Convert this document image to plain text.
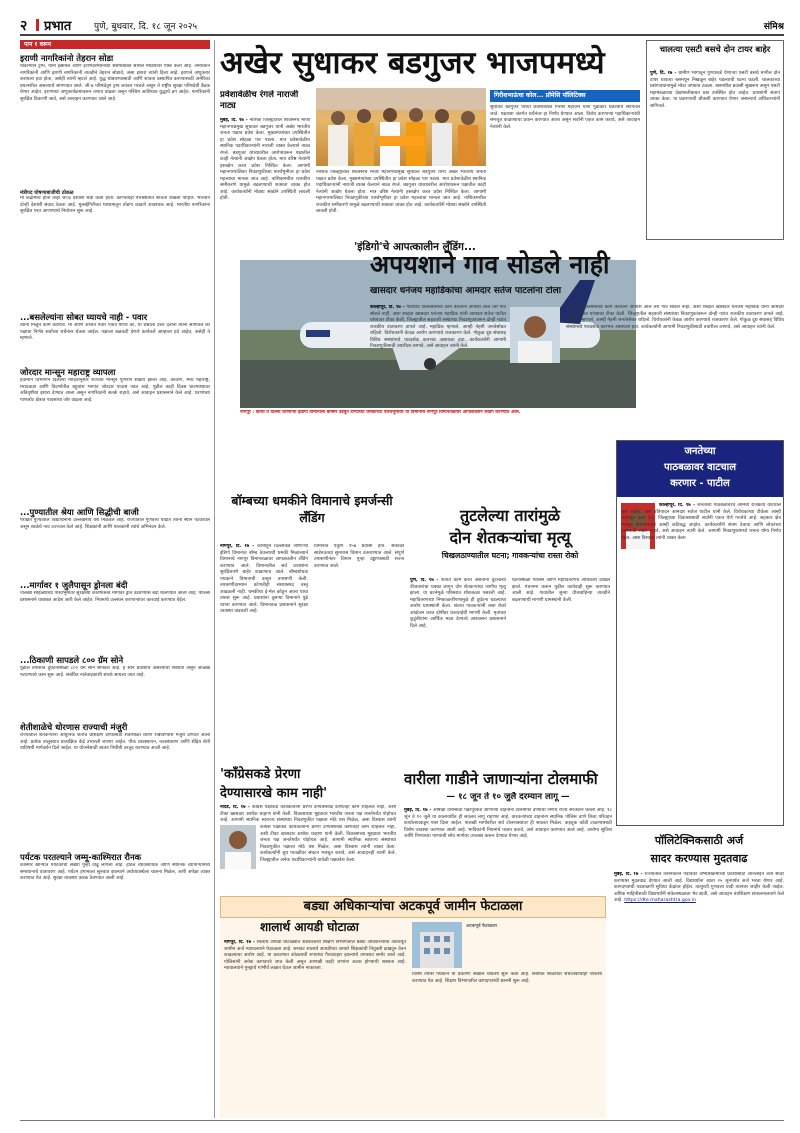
२ प्रभात	पुणे, बुधवार, दि. १८ जून २०२५	संमिश्र
पान १ वरून
इराणी नागरिकांनो तेहरान सोडा
यादरम्यान ट्रम्प, यांनी इस्रायल आणि इराणदरम्यानच्या संघर्षाबाबत सोशल मीडियावर पोस्ट केली आहे. अमेरिकन नागरिकांनी आणि इराणी नागरिकांनी तातडीने तेहरान सोडावे, असा इशारा त्यांनी दिला आहे. इराणने अणुकरार करायला हवा होता, असेही त्यांनी म्हटले आहे. युद्ध थांबवण्यासाठी आणि शांतता प्रस्थापित करण्यासाठी अमेरिका प्रयत्नशील असल्याचे सांगण्यात आले. जी-७ परिषदेतून ट्रम्प लवकर परतले असून ते राष्ट्रीय सुरक्षा परिषदेची बैठक घेणार आहेत. इराणच्या अणुकार्यक्रमावरून तणाव वाढला असून पश्चिम आशियात युद्धाचे ढग आहेत. नागरिकांनी सुरक्षित ठिकाणी जावे, असे आवाहन करण्यात आले आहे.
मंत्रीपद घोषणाबाजीची ठोकळ
मी केंद्रामध्ये होतो तेव्हा जी-७ देशांशी चर्चा केली होती. कोणत्याही परिस्थितीत शांतता राखली पाहिजे. भारताने दोन्ही देशांशी संवाद ठेवला आहे. मुत्सद्देगिरीच्या माध्यमातून तोडगा काढणे आवश्यक आहे. भारतीय नागरिकांना सुरक्षित परत आणण्याचे नियोजन सुरू आहे.
...बसलेल्यांना सोबत घ्यायचे नाही - पवार
त्यांनी मिळून काम करायचे. मी आणि अजित पवार एकत्र येणार का, या प्रश्नाला उत्तर देताना त्यांनी सांगितले की पक्षाचा निर्णय सर्वांच्या चर्चेनंतर घेतला जाईल. पक्षाला बळकटी देणारे कार्यकर्ते आम्हाला हवे आहेत, असेही ते म्हणाले.
जोरदार मान्सून महाराष्ट्र व्यापला
हवामान विभागाने दिलेल्या माहितीनुसार राज्यात मान्सून पूर्णपणे सक्रिय झाला आहे. कोकण, मध्य महाराष्ट्र, मराठवाडा आणि विदर्भातील बहुतांश भागांत जोरदार पाऊस पडत आहे. पुढील काही दिवस घाटमाथ्यावर अतिवृष्टीचा इशारा देण्यात आला असून नागरिकांनी सतर्क राहावे, असे आवाहन प्रशासनाने केले आहे. धरणांच्या पाणलोट क्षेत्रात पावसाचा जोर वाढला आहे.
...पुण्यातील श्रेया आणि सिद्धीची बाजी
परीक्षेत पुण्यातील विद्यार्थिनींनी उल्लेखनीय यश मिळवले आहे. राज्यातील गुणवत्ता यादीत त्यांनी स्थान पटकावले असून शाळेचे नाव उज्ज्वल केले आहे. शिक्षकांनी आणि पालकांनी त्यांचे अभिनंदन केले.
...मार्गावर १ जुलैपासून ड्रोनला बंदी
पालखी सोहळ्याच्या पार्श्वभूमीवर सुरक्षेच्या कारणास्तव मार्गावर ड्रोन उडवण्यास बंदी घालण्यात आली आहे. पोलिस प्रशासनाने याबाबत आदेश जारी केले आहेत. नियमांचे उल्लंघन करणाऱ्यांवर कारवाई करण्यात येईल.
...ठिकाणी सापडले ८०० ग्रॅम सोने
पुढील तपासात दुर्घटनास्थळी ८०० ग्रॅम सोने सापडले आहे. हे सोने प्रवाशांचे असल्याची शक्यता असून ओळख पटवण्याचे काम सुरू आहे. संबंधित नातेवाइकांशी संपर्क साधला जात आहे.
शेतीशाळेचे धोरणास राज्याची मंजुरी
राज्यातील शेतकऱ्यांना आधुनिक शेतीचे प्रशिक्षण देण्यासाठी शेतीशाळा धोरण राबविण्यास मंजुरी देण्यात आली आहे. प्रत्येक तालुक्यात प्रात्यक्षिक केंद्रे उभारली जाणार आहेत. पीक व्यवस्थापन, जलसंधारण आणि सेंद्रिय शेती याविषयी मार्गदर्शन दिले जाईल. या योजनेसाठी स्वतंत्र निधीची तरतूद करण्यात आली आहे.
पर्यटक परतल्याने जम्मू-काश्मिरात रौनक
काश्मीर खोऱ्यात पर्यटकांची संख्या पुन्हा वाढू लागली आहे. हॉटेल व्यावसायिक आणि स्थानिक व्यापाऱ्यांमध्ये समाधानाचे वातावरण आहे. पर्यटन हंगामाला सुरुवात झाल्याने अर्थव्यवस्थेला चालना मिळेल, अशी अपेक्षा व्यक्त करण्यात येत आहे. सुरक्षा व्यवस्था कडक ठेवण्यात आली आहे.
अखेर सुधाकर बडगुजर भाजपमध्ये
प्रवेशावेळीच रंगले नाराजी नाट्य
मुंबई, दि. १७ - नाशिक जिल्ह्यातील शिवसेनेचे माजी महानगरप्रमुख सुधाकर बडगुजर यांनी अखेर भारतीय जनता पक्षात प्रवेश केला. मुख्यमंत्र्यांच्या उपस्थितीत हा प्रवेश सोहळा पार पडला. मात्र प्रवेशावेळीच स्थानिक पदाधिकाऱ्यांनी नाराजी व्यक्त केल्याने नाट्य रंगले. बडगुजर यांच्यावरील आरोपांवरून पक्षातील काही नेत्यांनी आक्षेप घेतला होता. मात्र वरिष्ठ नेत्यांनी हस्तक्षेप करत प्रवेश निश्चित केला. आगामी महानगरपालिका निवडणुकीच्या पार्श्वभूमीवर हा प्रवेश महत्त्वाचा मानला जात आहे. नाशिकमधील राजकीय समीकरणे यामुळे बदलण्याची शक्यता व्यक्त होत आहे. कार्यकर्त्यांनी मोठ्या संख्येने उपस्थिती लावली होती.
नाशिक जिल्ह्यातील शिवसेनेचे माजी महानगरप्रमुख सुधाकर बडगुजर यांनी अखेर भारतीय जनता पक्षात प्रवेश केला. मुख्यमंत्र्यांच्या उपस्थितीत हा प्रवेश सोहळा पार पडला. मात्र प्रवेशावेळीच स्थानिक पदाधिकाऱ्यांनी नाराजी व्यक्त केल्याने नाट्य रंगले. बडगुजर यांच्यावरील आरोपांवरून पक्षातील काही नेत्यांनी आक्षेप घेतला होता. मात्र वरिष्ठ नेत्यांनी हस्तक्षेप करत प्रवेश निश्चित केला. आगामी महानगरपालिका निवडणुकीच्या पार्श्वभूमीवर हा प्रवेश महत्त्वाचा मानला जात आहे. नाशिकमधील राजकीय समीकरणे यामुळे बदलण्याची शक्यता व्यक्त होत आहे. कार्यकर्त्यांनी मोठ्या संख्येने उपस्थिती लावली होती.
गिरीशभाऊंचा कोल... प्रॉमेसि पॉलिटिक्स
सुधाकर बडगुजर यांच्या प्रवेशाबाबत गिरीश महाजन यांनी पुढाकार घेतल्याचे सांगितले जाते. पक्षाच्या अंतर्गत चर्चेनंतर हा निर्णय घेण्यात आला. विरोध करणाऱ्या पदाधिकाऱ्यांची समजूत काढण्याचा प्रयत्न करण्यात आला असून सर्वांनी एकत्र काम करावे, असे आवाहन नेत्यांनी केले.
चालत्या एसटी बसचे दोन टायर बाहेर
पुणे, दि. १७ - ग्रामीण भागातून पुण्याकडे येणाऱ्या एसटी बसचे मागील दोन टायर धावत्या बसमधून निखळून बाहेर पडल्याची घटना घडली. चालकाच्या प्रसंगावधानामुळे मोठा अपघात टळला. बसमधील प्रवासी सुखरूप असून एसटी महामंडळाच्या देखभालीबाबत प्रश्न उपस्थित होत आहेत. प्रवाशांनी संताप व्यक्त केला. या प्रकरणाची चौकशी करण्यात येणार असल्याचे अधिकाऱ्यांनी सांगितले.
'इंडिगो'चे आपत्कालीन लँडिंग...
नागपूर : कोची ते दिल्ली जाणाऱ्या इंडिगो विमानाला बॉम्बने उडवून देण्याच्या धमकीच्या पार्श्वभूमीवर या विमानाचे नागपूर विमानतळावर आपत्कालीन लँडिंग करण्यात आले.
अपयशाने गाव सोडले नाही
खासदार धनंजय महाडिकांचा आमदार सतेज पाटलांना टोला
कोल्हापूर, दि. १७ - गावाच्या विकासासाठी काम करताना अपयश आले तरी गाव सोडले नाही, अशा शब्दांत खासदार धनंजय महाडिक यांनी आमदार सतेज पाटील यांच्यावर टीका केली. जिल्ह्यातील सहकारी संस्थांच्या निवडणुकांवरून दोन्ही गटांत राजकीय वातावरण तापले आहे. महाडिक म्हणाले, आम्ही नेहमी जनतेसोबत राहिलो. विरोधकांनी केवळ आरोप करण्याचे राजकारण केले. गोकुळ दूध संघासह विविध संस्थांमध्ये पारदर्शक कारभार असायला हवा. कार्यकर्त्यांनी आगामी निवडणुकीसाठी तयारीला लागावे, असे आवाहन त्यांनी केले.
गावाच्या विकासासाठी काम करताना अपयश आले तरी गाव सोडले नाही, अशा शब्दांत खासदार धनंजय महाडिक यांनी आमदार सतेज पाटील यांच्यावर टीका केली. जिल्ह्यातील सहकारी संस्थांच्या निवडणुकांवरून दोन्ही गटांत राजकीय वातावरण तापले आहे. महाडिक म्हणाले, आम्ही नेहमी जनतेसोबत राहिलो. विरोधकांनी केवळ आरोप करण्याचे राजकारण केले. गोकुळ दूध संघासह विविध संस्थांमध्ये पारदर्शक कारभार असायला हवा. कार्यकर्त्यांनी आगामी निवडणुकीसाठी तयारीला लागावे, असे आवाहन त्यांनी केले.
बॉम्बच्या धमकीने विमानाचे इमर्जन्सी लँडिंग
नागपूर, दि. १७ - कोचीहून दिल्लीकडे जाणाऱ्या इंडिगो विमानात बॉम्ब ठेवल्याची धमकी मिळाल्याने विमानाचे नागपूर विमानतळावर आपत्कालीन लँडिंग करण्यात आले. विमानातील सर्व प्रवाशांना सुरक्षितपणे बाहेर काढण्यात आले. बॉम्बशोधक पथकाने विमानाची कसून तपासणी केली. तपासणीदरम्यान कोणतीही संशयास्पद वस्तू आढळली नाही. धमकीचा ई-मेल कोठून आला याचा तपास सुरू आहे. प्रवाशांना दुसऱ्या विमानाने पुढे रवाना करण्यात आले. विमानतळ प्रशासनाने सुरक्षा व्यवस्था वाढवली आहे.
विमानात एकूण १५७ प्रवासी होते. सकाळी साडेनऊच्या सुमारास विमान उतरवण्यात आले. संपूर्ण तपासणीनंतर विमान पुन्हा उड्डाणासाठी सज्ज करण्यात आले.
तुटलेल्या तारांमुळे
दोन शेतकऱ्यांचा मृत्यू
चिखलठाण्यातील घटना; गावकऱ्यांचा रास्ता रोको
पुणे, दि. १७ - शेतात काम करत असताना तुटलेल्या वीजतारांचा धक्का लागून दोन शेतकऱ्यांचा जागीच मृत्यू झाला. या घटनेमुळे परिसरात शोककळा पसरली आहे. महावितरणच्या निष्काळजीपणामुळे ही दुर्घटना घडल्याचा आरोप ग्रामस्थांनी केला. संतप्त गावकऱ्यांनी रस्ता रोको आंदोलन करत दोषींवर कारवाईची मागणी केली. मृतांच्या कुटुंबीयांना आर्थिक मदत देण्याचे आश्वासन प्रशासनाने दिले आहे.
घटनास्थळी पोलिस आणि महावितरणचे अधिकारी दाखल झाले. पंचनामा करून पुढील कार्यवाही सुरू करण्यात आली आहे. गावातील जुन्या वीजवाहिन्या तातडीने बदलण्याची मागणी ग्रामस्थांनी केली.
जनतेच्या
पाठबळावर वाटचाल
करणार - पाटील
कोल्हापूर, दि. १७ - जनतेच्या पाठबळावरच आमची राजकीय वाटचाल सुरू राहील, असे प्रतिपादन आमदार सतेज पाटील यांनी केले. विरोधकांच्या टीकेला आम्ही कामातून उत्तर देऊ. जिल्ह्याच्या विकासासाठी सर्वांनी एकत्र येणे गरजेचे आहे. सहकार क्षेत्र मजबूत करण्यासाठी आम्ही कटिबद्ध आहोत. कार्यकर्त्यांनी संयम ठेवावा आणि लोकांच्या प्रश्नांसाठी लढत राहावे, असे आवाहन त्यांनी केले. आगामी निवडणुकांमध्ये जनता योग्य निर्णय घेईल, असा विश्वास त्यांनी व्यक्त केला.
'काँग्रेसकडे प्रेरणा
देण्यासारखे काम नाही'
नांदेड, दि. १७ - काँग्रेस पक्षाकडे कार्यकर्त्यांना प्रेरणा देण्यासारखे कोणतेही काम राहिलेले नाही, अशी टीका खासदार अशोक चव्हाण यांनी केली. विकासाच्या मुद्द्यावर भारतीय जनता पक्ष जनतेपर्यंत पोहोचत आहे. आगामी स्थानिक स्वराज्य संस्थांच्या निवडणुकीत पक्षाला मोठे यश मिळेल, असा विश्वास त्यांनी
काँग्रेस पक्षाकडे कार्यकर्त्यांना प्रेरणा देण्यासारखे कोणतेही काम राहिलेले नाही, अशी टीका खासदार अशोक चव्हाण यांनी केली. विकासाच्या मुद्द्यावर भारतीय जनता पक्ष जनतेपर्यंत पोहोचत आहे. आगामी स्थानिक स्वराज्य संस्थांच्या निवडणुकीत पक्षाला मोठे यश मिळेल, असा विश्वास त्यांनी व्यक्त केला. कार्यकर्त्यांनी बूथ पातळीवर संघटन मजबूत करावे, असे आवाहनही त्यांनी केले. जिल्ह्यातील अनेक पदाधिकाऱ्यांनी यावेळी पक्षप्रवेश केला.
वारीला गाडीने जाणाऱ्यांना टोलमाफी
— १८ जून ते १० जुलै दरम्यान लागू —
मुंबई, दि. १७ - आषाढी वारीसाठी पंढरपूरकडे जाणाऱ्या वाहनांना टोलमाफी देण्याचा निर्णय राज्य सरकारने घेतला आहे. १८ जून ते १० जुलै या कालावधीत ही सवलत लागू राहणार आहे. वारकऱ्यांच्या वाहनांना स्थानिक पोलिस ठाणे किंवा परिवहन कार्यालयाकडून पास दिला जाईल. पालखी मार्गावरील सर्व टोलनाक्यांवर ही सवलत मिळेल. वाहतूक कोंडी टाळण्यासाठी विशेष व्यवस्था करण्यात आली आहे. भाविकांनी नियमांचे पालन करावे, असे आवाहन करण्यात आले आहे. आरोग्य सुविधा आणि पिण्याच्या पाण्याची सोय मार्गावर उपलब्ध करून देण्यात येणार आहे.
बड्या अधिकाऱ्यांचा अटकपूर्व जामीन फेटाळला
शालार्थ आयडी घोटाळा
नागपूर, दि. १७ - शालार्थ आयडी घोटाळ्यात अडकलेल्या शिक्षण विभागातील बड्या अधिकाऱ्यांचा अटकपूर्व जामीन अर्ज न्यायालयाने फेटाळला आहे. बनावट शालार्थ आयडीच्या आधारे शिक्षकांची नियुक्ती दाखवून वेतन काढल्याचा आरोप आहे. या प्रकरणात कोट्यवधी रुपयांचा गैरव्यवहार झाल्याचे तपासात समोर आले आहे. पोलिसांनी अनेक कागदपत्रे जप्त केली असून आणखी काही जणांना अटक होण्याची शक्यता आहे. न्यायालयाने गुन्ह्याचे गांभीर्य लक्षात घेऊन जामीन नाकारला.
अटकपूर्व फेटाळला
विशेष तपास पथकाने या प्रकरणी सखोल चौकशी सुरू केली आहे. संबंधित शाळांच्या संचालकांचीही चौकशी करण्यात येत आहे. शिक्षण विभागातील कागदपत्रांची छाननी सुरू आहे.
पॉलिटेक्निकसाठी अर्ज
सादर करण्यास मुदतवाढ
मुंबई, दि. १७ - राज्यातील तंत्रनिकेतन पदविका अभ्यासक्रमाच्या प्रवेशासाठी ऑनलाइन अर्ज सादर करण्यास मुदतवाढ देण्यात आली आहे. विद्यार्थ्यांना आता २५ जूनपर्यंत अर्ज भरता येणार आहे. कागदपत्रांची पडताळणी सुविधा केंद्रांवर होईल. तात्पुरती गुणवत्ता यादी त्यानंतर जाहीर केली जाईल. अधिक माहितीसाठी विद्यार्थ्यांनी संकेतस्थळाला भेट द्यावी, असे आवाहन तंत्रशिक्षण संचालनालयाने केले आहे. https://dte.maharashtra.gov.in
